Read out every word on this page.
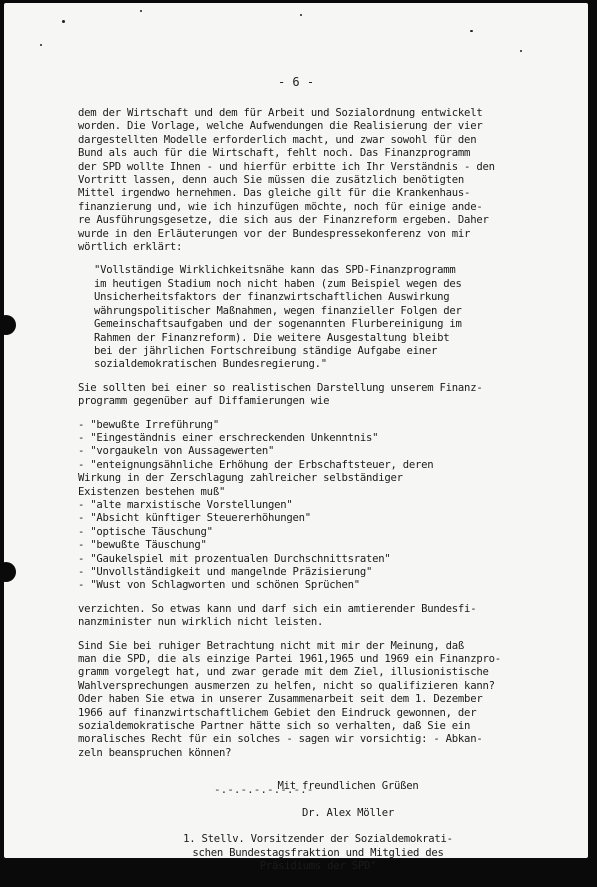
- 6 -

dem der Wirtschaft und dem für Arbeit und Sozialordnung entwickelt
worden. Die Vorlage, welche Aufwendungen die Realisierung der vier
dargestellten Modelle erforderlich macht, und zwar sowohl für den
Bund als auch für die Wirtschaft, fehlt noch. Das Finanzprogramm
der SPD wollte Ihnen - und hierfür erbitte ich Ihr Verständnis - den
Vortritt lassen, denn auch Sie müssen die zusätzlich benötigten
Mittel irgendwo hernehmen. Das gleiche gilt für die Krankenhaus-
finanzierung und, wie ich hinzufügen möchte, noch für einige ande-
re Ausführungsgesetze, die sich aus der Finanzreform ergeben. Daher
wurde in den Erläuterungen vor der Bundespressekonferenz von mir
wörtlich erklärt:

"Vollständige Wirklichkeitsnähe kann das SPD-Finanzprogramm
im heutigen Stadium noch nicht haben (zum Beispiel wegen des
Unsicherheitsfaktors der finanzwirtschaftlichen Auswirkung
währungspolitischer Maßnahmen, wegen finanzieller Folgen der
Gemeinschaftsaufgaben und der sogenannten Flurbereinigung im
Rahmen der Finanzreform). Die weitere Ausgestaltung bleibt
bei der jährlichen Fortschreibung ständige Aufgabe einer
sozialdemokratischen Bundesregierung."

Sie sollten bei einer so realistischen Darstellung unserem Finanz-
programm gegenüber auf Diffamierungen wie

- "bewußte Irreführung"
- "Eingeständnis einer erschreckenden Unkenntnis"
- "vorgaukeln von Aussagewerten"
- "enteignungsähnliche Erhöhung der Erbschaftsteuer, deren
Wirkung in der Zerschlagung zahlreicher selbständiger
Existenzen bestehen muß"
- "alte marxistische Vorstellungen"
- "Absicht künftiger Steuererhöhungen"
- "optische Täuschung"
- "bewußte Täuschung"
- "Gaukelspiel mit prozentualen Durchschnittsraten"
- "Unvollständigkeit und mangelnde Präzisierung"
- "Wust von Schlagworten und schönen Sprüchen"

verzichten. So etwas kann und darf sich ein amtierender Bundesfi-
nanzminister nun wirklich nicht leisten.

Sind Sie bei ruhiger Betrachtung nicht mit mir der Meinung, daß
man die SPD, die als einzige Partei 1961,1965 und 1969 ein Finanzpro-
gramm vorgelegt hat, und zwar gerade mit dem Ziel, illusionistische
Wahlversprechungen ausmerzen zu helfen, nicht so qualifizieren kann?
Oder haben Sie etwa in unserer Zusammenarbeit seit dem 1. Dezember
1966 auf finanzwirtschaftlichem Gebiet den Eindruck gewonnen, der
sozialdemokratische Partner hätte sich so verhalten, daß Sie ein
moralisches Recht für ein solches - sagen wir vorsichtig: - Abkan-
zeln beanspruchen können?

Mit freundlichen Grüßen

Dr. Alex Möller

1. Stellv. Vorsitzender der Sozialdemokrati-
schen Bundestagsfraktion und Mitglied des
Präsidiums der SPD"

-.-.-.-.-.-.-.-
